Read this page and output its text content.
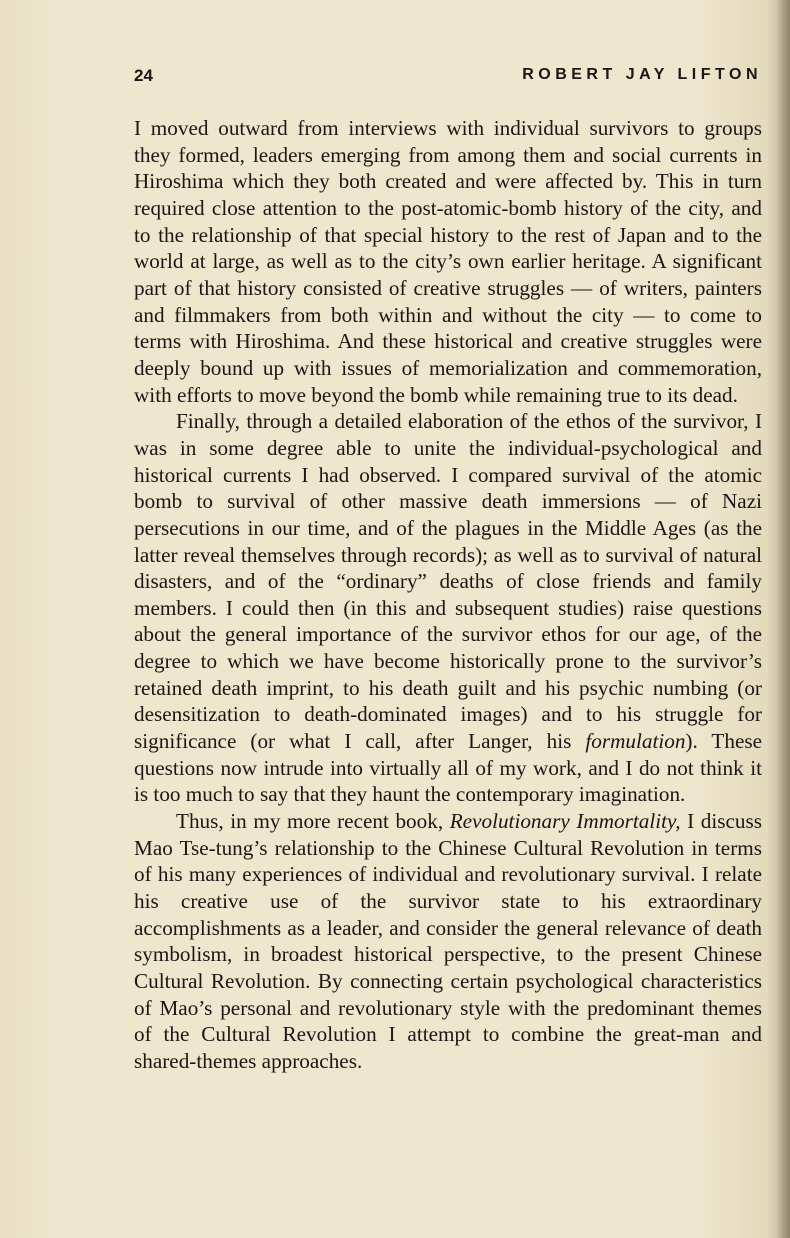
24	ROBERT JAY LIFTON

I moved outward from interviews with individual survivors to groups they formed, leaders emerging from among them and social currents in Hiroshima which they both created and were affected by. This in turn required close attention to the post-atomic-bomb history of the city, and to the relationship of that special history to the rest of Japan and to the world at large, as well as to the city’s own earlier heritage. A significant part of that history consisted of creative struggles — of writers, painters and filmmakers from both within and without the city — to come to terms with Hiroshima. And these historical and creative struggles were deeply bound up with issues of memorialization and commemoration, with efforts to move beyond the bomb while remaining true to its dead.

Finally, through a detailed elaboration of the ethos of the survivor, I was in some degree able to unite the individual-psychological and historical currents I had observed. I compared survival of the atomic bomb to survival of other massive death immersions — of Nazi persecutions in our time, and of the plagues in the Middle Ages (as the latter reveal themselves through records); as well as to survival of natural disasters, and of the “ordinary” deaths of close friends and family members. I could then (in this and subsequent studies) raise questions about the general importance of the survivor ethos for our age, of the degree to which we have become historically prone to the survivor’s retained death imprint, to his death guilt and his psychic numbing (or desensitization to death-dominated images) and to his struggle for significance (or what I call, after Langer, his formulation). These questions now intrude into virtually all of my work, and I do not think it is too much to say that they haunt the contemporary imagination.

Thus, in my more recent book, Revolutionary Immortality, I discuss Mao Tse-tung’s relationship to the Chinese Cultural Revolution in terms of his many experiences of individual and revolutionary survival. I relate his creative use of the survivor state to his extraordinary accomplishments as a leader, and consider the general relevance of death symbolism, in broadest historical perspective, to the present Chinese Cultural Revolution. By connecting certain psychological characteristics of Mao’s personal and revolutionary style with the predominant themes of the Cultural Revolution I attempt to combine the great-man and shared-themes approaches.
